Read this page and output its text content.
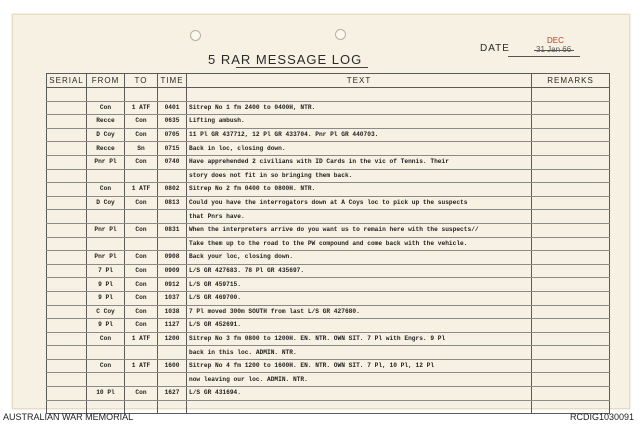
5 RAR MESSAGE LOG
DATE
DEC
31 Jan 66
SERIAL	FROM	TO	TIME	TEXT	REMARKS

	Con	1 ATF	0401	Sitrep No 1 fm 2400 to 0400H, NTR.	
	Recce	Con	0635	Lifting ambush.	
	D Coy	Con	0705	11 Pl GR 437712, 12 Pl GR 433704. Pnr Pl GR 440703.	
	Recce	Sn	0715	Back in loc, closing down.	
	Pnr Pl	Con	0740	Have apprehended 2 civilians with ID Cards in the vic of Tennis. Their	
				story does not fit in so bringing them back.	
	Con	1 ATF	0802	Sitrep No 2 fm 0400 to 0800H. NTR.	
	D Coy	Con	0813	Could you have the interrogators down at A Coys loc to pick up the suspects	
				that Pnrs have.	
	Pnr Pl	Con	0831	When the interpreters arrive do you want us to remain here with the suspects//	
				Take them up to the road to the PW compound and come back with the vehicle.	
	Pnr Pl	Con	0908	Back your loc, closing down.	
	7 Pl	Con	0909	L/S GR 427683. 78 Pl GR 435697.	
	9 Pl	Con	0912	L/S GR 459715.	
	9 Pl	Con	1037	L/S GR 469700.	
	C Coy	Con	1038	7 Pl moved 300m SOUTH from last L/S GR 427680.	
	9 Pl	Con	1127	L/S GR 452691.	
	Con	1 ATF	1200	Sitrep No 3 fm 0800 to 1200H. EN. NTR. OWN SIT. 7 Pl with Engrs. 9 Pl	
				back in this loc. ADMIN. NTR.	
	Con	1 ATF	1600	Sitrep No 4 fm 1200 to 1600H. EN. NTR. OWN SIT. 7 Pl, 10 Pl, 12 Pl	
				now leaving our loc. ADMIN. NTR.	
	10 Pl	Con	1627	L/S GR 431694.	

AUSTRALIAN WAR MEMORIAL	RCDIG1030091
